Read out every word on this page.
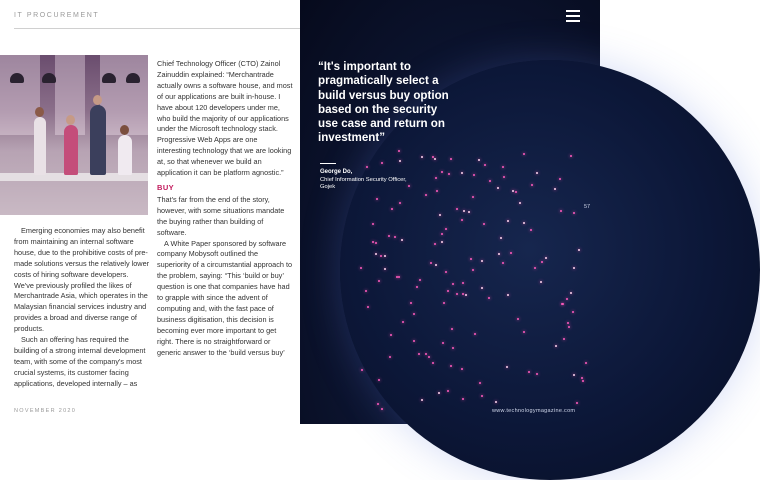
IT PROCUREMENT
56

Emerging economies may also benefit from maintaining an internal software house, due to the prohibitive costs of pre-made solutions versus the relatively lower costs of hiring software developers. We've previously profiled the likes of Merchantrade Asia, which operates in the Malaysian financial services industry and provides a broad and diverse range of products.

Such an offering has required the building of a strong internal development team, with some of the company's most crucial systems, its customer facing applications, developed internally – as

Chief Technology Officer (CTO) Zainol Zainuddin explained: “Merchantrade actually owns a software house, and most of our applications are built in-house. I have about 120 developers under me, who build the majority of our applications under the Microsoft technology stack. Progressive Web Apps are one interesting technology that we are looking at, so that whenever we build an application it can be platform agnostic.”

BUY

That's far from the end of the story, however, with some situations mandate the buying rather than building of software.

A White Paper sponsored by software company Mobysoft outlined the superiority of a circumstantial approach to the problem, saying: “This ‘build or buy’ question is one that companies have had to grapple with since the advent of computing and, with the fast pace of business digitisation, this decision is becoming ever more important to get right. There is no straightforward or generic answer to the ‘build versus buy’

NOVEMBER 2020
“It's important to pragmatically select a build versus buy option based on the security use case and return on investment”
George Do,
Chief Information Security Officer,
Gojek
57
www.technologymagazine.com
